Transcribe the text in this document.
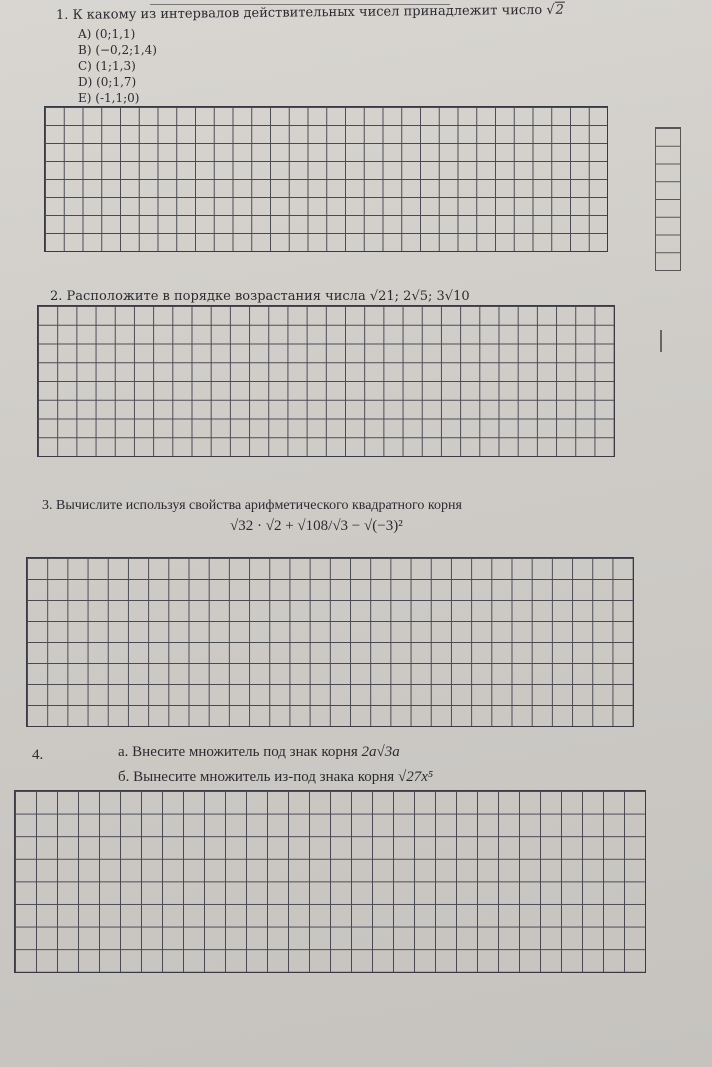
1. К какому из интервалов действительных чисел принадлежит число √2
A) (0;1,1)
B) (−0,2;1,4)
C) (1;1,3)
D) (0;1,7)
E) (-1,1;0)
2. Расположите в порядке возрастания числа √21; 2√5; 3√10
3. Вычислите используя свойства арифметического квадратного корня
√32 · √2 + √108/√3 − √(−3)²
4.	а. Внесите множитель под знак корня 2a√3a
б. Вынесите множитель из-под знака корня √27x⁵
